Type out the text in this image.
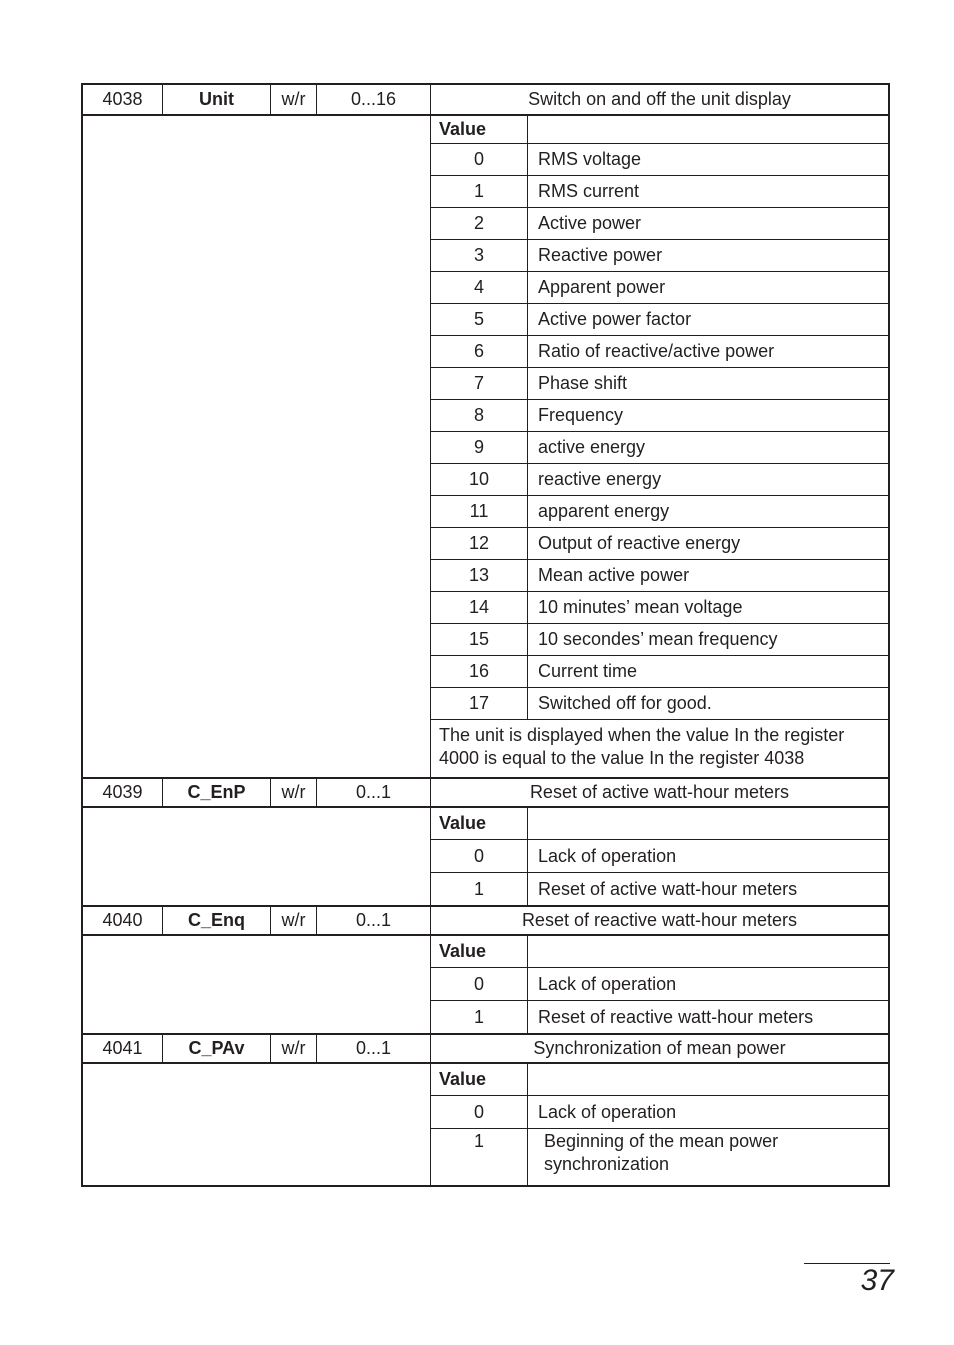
4038	Unit	w/r	0...16	Switch on and off the unit display
Value
0	RMS voltage
1	RMS current
2	Active power
3	Reactive power
4	Apparent power
5	Active power factor
6	Ratio of reactive/active power
7	Phase shift
8	Frequency
9	active energy
10	reactive energy
11	apparent energy
12	Output of reactive energy
13	Mean active power
14	10 minutes’ mean voltage
15	10 secondes’ mean frequency
16	Current time
17	Switched off for good.
The unit is displayed when the value In the register 4000 is equal to the value In the register 4038
4039	C_EnP	w/r	0...1	Reset of active watt-hour meters
Value
0	Lack of operation
1	Reset of active watt-hour meters
4040	C_Enq	w/r	0...1	Reset of reactive watt-hour meters
Value
0	Lack of operation
1	Reset of reactive watt-hour meters
4041	C_PAv	w/r	0...1	Synchronization of mean power
Value
0	Lack of operation
1	Beginning of the mean power synchronization
37
